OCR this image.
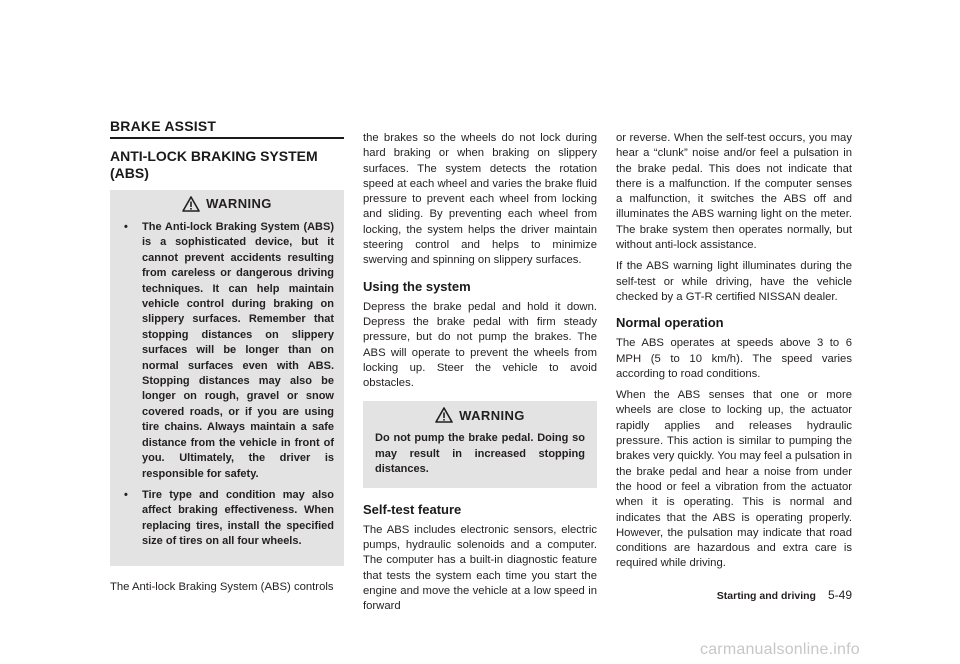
BRAKE ASSIST
ANTI-LOCK BRAKING SYSTEM (ABS)
WARNING
• The Anti-lock Braking System (ABS) is a sophisticated device, but it cannot prevent accidents resulting from careless or dangerous driving techniques. It can help maintain vehicle control during braking on slippery surfaces. Remember that stopping distances on slippery surfaces will be longer than on normal surfaces even with ABS. Stopping distances may also be longer on rough, gravel or snow covered roads, or if you are using tire chains. Always maintain a safe distance from the vehicle in front of you. Ultimately, the driver is responsible for safety.
• Tire type and condition may also affect braking effectiveness. When replacing tires, install the specified size of tires on all four wheels.

The Anti-lock Braking System (ABS) controls

the brakes so the wheels do not lock during hard braking or when braking on slippery surfaces. The system detects the rotation speed at each wheel and varies the brake fluid pressure to prevent each wheel from locking and sliding. By preventing each wheel from locking, the system helps the driver maintain steering control and helps to minimize swerving and spinning on slippery surfaces.

Using the system

Depress the brake pedal and hold it down. Depress the brake pedal with firm steady pressure, but do not pump the brakes. The ABS will operate to prevent the wheels from locking up. Steer the vehicle to avoid obstacles.

WARNING
Do not pump the brake pedal. Doing so may result in increased stopping distances.
Self-test feature

The ABS includes electronic sensors, electric pumps, hydraulic solenoids and a computer. The computer has a built-in diagnostic feature that tests the system each time you start the engine and move the vehicle at a low speed in forward

or reverse. When the self-test occurs, you may hear a “clunk” noise and/or feel a pulsation in the brake pedal. This does not indicate that there is a malfunction. If the computer senses a malfunction, it switches the ABS off and illuminates the ABS warning light on the meter. The brake system then operates normally, but without anti-lock assistance.

If the ABS warning light illuminates during the self-test or while driving, have the vehicle checked by a GT-R certified NISSAN dealer.

Normal operation

The ABS operates at speeds above 3 to 6 MPH (5 to 10 km/h). The speed varies according to road conditions.

When the ABS senses that one or more wheels are close to locking up, the actuator rapidly applies and releases hydraulic pressure. This action is similar to pumping the brakes very quickly. You may feel a pulsation in the brake pedal and hear a noise from under the hood or feel a vibration from the actuator when it is operating. This is normal and indicates that the ABS is operating properly. However, the pulsation may indicate that road conditions are hazardous and extra care is required while driving.

Starting and driving 5-49
carmanualsonline.info
